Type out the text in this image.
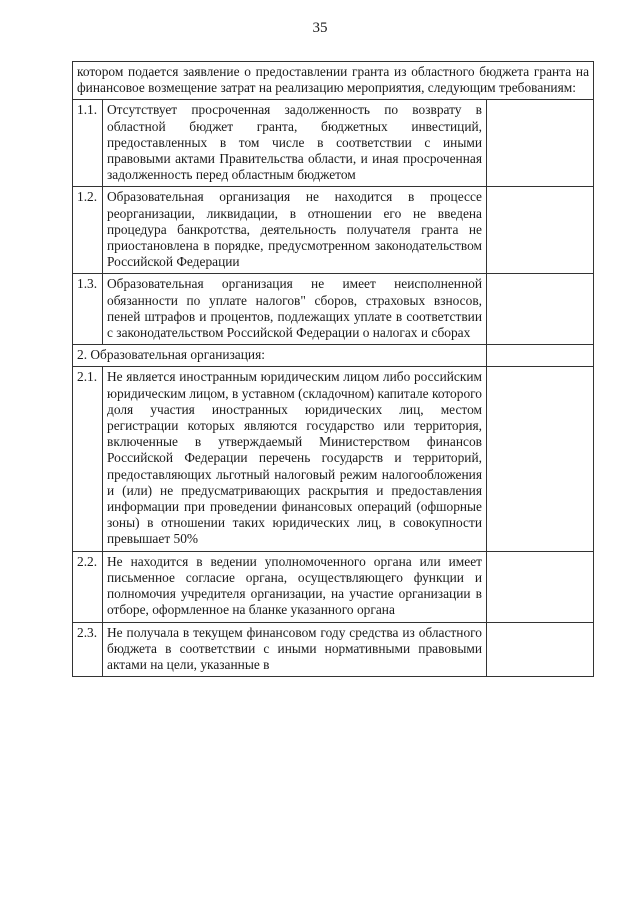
35
котором подается заявление о предоставлении гранта из областного бюджета гранта на финансовое возмещение затрат на реализацию мероприятия, следующим требованиям:		
1.1.	Отсутствует просроченная задолженность по возврату в областной бюджет гранта, бюджетных инвестиций, предоставленных в том числе в соответствии с иными правовыми актами Правительства области, и иная просроченная задолженность перед областным бюджетом	
1.2.	Образовательная организация не находится в процессе реорганизации, ликвидации, в отношении его не введена процедура банкротства, деятельность получателя гранта не приостановлена в порядке, предусмотренном законодательством Российской Федерации	
1.3.	Образовательная организация не имеет неисполненной обязанности по уплате налогов" сборов, страховых взносов, пеней штрафов и процентов, подлежащих уплате в соответствии с законодательством Российской Федерации о налогах и сборах	
2. Образовательная организация:		
2.1.	Не является иностранным юридическим лицом либо российским юридическим лицом, в уставном (складочном) капитале которого доля участия иностранных юридических лиц, местом регистрации которых являются государство или территория, включенные в утверждаемый Министерством финансов Российской Федерации перечень государств и территорий, предоставляющих льготный налоговый режим налогообложения и (или) не предусматривающих раскрытия и предоставления информации при проведении финансовых операций (офшорные зоны) в отношении таких юридических лиц, в совокупности превышает 50%	
2.2.	Не находится в ведении уполномоченного органа или имеет письменное согласие органа, осуществляющего функции и полномочия учредителя организации, на участие организации в отборе, оформленное на бланке указанного органа	
2.3.	Не получала в текущем финансовом году средства из областного бюджета в соответствии с иными нормативными правовыми актами на цели, указанные в	
